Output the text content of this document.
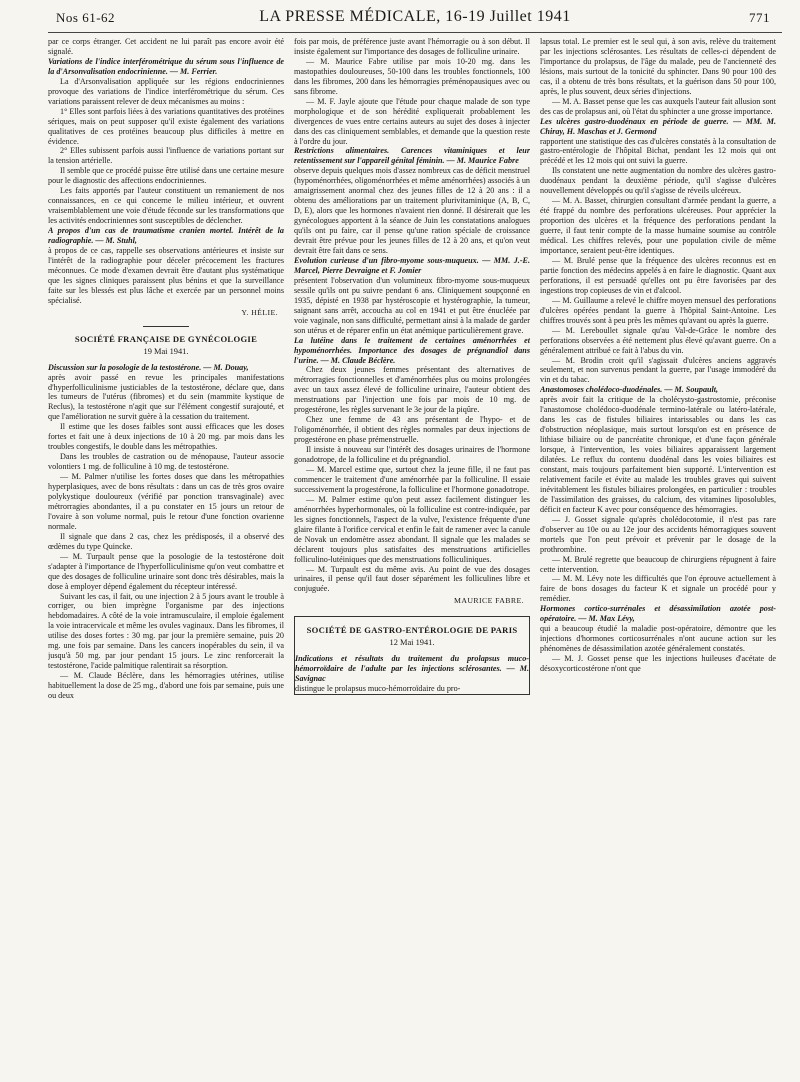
Nos 61-62	LA PRESSE MÉDICALE, 16-19 Juillet 1941	771

par ce corps étranger. Cet accident ne lui paraît pas encore avoir été signalé.

Variations de l'indice interférométrique du sérum sous l'influence de la d'Arsonvalisation endocrinienne. — M. Ferrier.

La d'Arsonvalisation appliquée sur les régions endocriniennes provoque des variations de l'indice interférométrique du sérum. Ces variations paraissent relever de deux mécanismes au moins :

1° Elles sont parfois liées à des variations quantitatives des protéines sériques, mais on peut supposer qu'il existe également des variations qualitatives de ces protéines beaucoup plus difficiles à mettre en évidence.

2° Elles subissent parfois aussi l'influence de variations portant sur la tension artérielle.

Il semble que ce procédé puisse être utilisé dans une certaine mesure pour le diagnostic des affections endocriniennes.

Les faits apportés par l'auteur constituent un remaniement de nos connaissances, en ce qui concerne le milieu intérieur, et ouvrent vraisemblablement une voie d'étude féconde sur les transformations que les activités endocriniennes sont susceptibles de déclencher.

A propos d'un cas de traumatisme cranien mortel. Intérêt de la radiographie. — M. Stuhl,

à propos de ce cas, rappelle ses observations antérieures et insiste sur l'intérêt de la radiographie pour déceler précocement les fractures méconnues. Ce mode d'examen devrait être d'autant plus systématique que les signes cliniques paraissent plus bénins et que la surveillance faite sur les blessés est plus lâche et exercée par un personnel moins spécialisé.

Y. HÉLIE.
SOCIÉTÉ FRANÇAISE DE GYNÉCOLOGIE
19 Mai 1941.

Discussion sur la posologie de la testostérone. — M. Douay,

après avoir passé en revue les principales manifestations d'hyperfolliculinisme justiciables de la testostérone, déclare que, dans les tumeurs de l'utérus (fibromes) et du sein (mammite kystique de Reclus), la testostérone n'agit que sur l'élément congestif surajouté, et que l'amélioration ne survit guère à la cessation du traitement.

Il estime que les doses faibles sont aussi efficaces que les doses fortes et fait une à deux injections de 10 à 20 mg. par mois dans les troubles congestifs, le double dans les métropathies.

Dans les troubles de castration ou de ménopause, l'auteur associe volontiers 1 mg. de folliculine à 10 mg. de testostérone.

— M. Palmer n'utilise les fortes doses que dans les métropathies hyperplasiques, avec de bons résultats : dans un cas de très gros ovaire polykystique douloureux (vérifié par ponction transvaginale) avec métrorragies abondantes, il a pu constater en 15 jours un retour de l'ovaire à son volume normal, puis le retour d'une fonction ovarienne normale.

Il signale que dans 2 cas, chez les prédisposés, il a observé des œdèmes du type Quincke.

— M. Turpault pense que la posologie de la testostérone doit s'adapter à l'importance de l'hyperfolliculinisme qu'on veut combattre et que des dosages de folliculine urinaire sont donc très désirables, mais la dose à employer dépend également du récepteur intéressé.

Suivant les cas, il fait, ou une injection 2 à 5 jours avant le trouble à corriger, ou bien imprègne l'organisme par des injections hebdomadaires. A côté de la voie intramusculaire, il emploie également la voie intracervicale et même les ovules vaginaux. Dans les fibromes, il utilise des doses fortes : 30 mg. par jour la première semaine, puis 20 mg. une fois par semaine. Dans les cancers inopérables du sein, il va jusqu'à 50 mg. par jour pendant 15 jours. Le zinc renforcerait la testostérone, l'acide palmitique ralentirait sa résorption.

— M. Claude Béclère, dans les hémorragies utérines, utilise habituellement la dose de 25 mg., d'abord une fois par semaine, puis une ou deux

fois par mois, de préférence juste avant l'hémorragie ou à son début. Il insiste également sur l'importance des dosages de folliculine urinaire.

— M. Maurice Fabre utilise par mois 10-20 mg. dans les mastopathies douloureuses, 50-100 dans les troubles fonctionnels, 100 dans les fibromes, 200 dans les hémorragies préménopausiques avec ou sans fibrome.

— M. F. Jayle ajoute que l'étude pour chaque malade de son type morphologique et de son hérédité expliquerait probablement les divergences de vues entre certains auteurs au sujet des doses à injecter dans des cas cliniquement semblables, et demande que la question reste à l'ordre du jour.

Restrictions alimentaires. Carences vitaminiques et leur retentissement sur l'appareil génital féminin. — M. Maurice Fabre

observe depuis quelques mois d'assez nombreux cas de déficit menstruel (hypoménorrhées, oligoménorrhées et même aménorrhées) associés à un amaigrissement anormal chez des jeunes filles de 12 à 20 ans : il a obtenu des améliorations par un traitement plurivitaminique (A, B, C, D, E), alors que les hormones n'avaient rien donné. Il désirerait que les gynécologues apportent à la séance de Juin les constatations analogues qu'ils ont pu faire, car il pense qu'une ration spéciale de croissance devrait être prévue pour les jeunes filles de 12 à 20 ans, et qu'on veut devrait être fait dans ce sens.

Evolution curieuse d'un fibro-myome sous-muqueux. — MM. J.-E. Marcel, Pierre Devraigne et F. Jomier

présentent l'observation d'un volumineux fibro-myome sous-muqueux sessile qu'ils ont pu suivre pendant 6 ans. Cliniquement soupçonné en 1935, dépisté en 1938 par hystéroscopie et hystérographie, la tumeur, saignant sans arrêt, accoucha au col en 1941 et put être énucléée par voie vaginale, non sans difficulté, permettant ainsi à la malade de garder son utérus et de réparer enfin un état anémique particulièrement grave.

La lutéine dans le traitement de certaines aménorrhées et hypoménorrhées. Importance des dosages de prégnandiol dans l'urine. — M. Claude Béclère.

Chez deux jeunes femmes présentant des alternatives de métrorragies fonctionnelles et d'aménorrhées plus ou moins prolongées avec un taux assez élevé de folliculine urinaire, l'auteur obtient des menstruations par l'injection une fois par mois de 10 mg. de progestérone, les règles survenant le 3e jour de la piqûre.

Chez une femme de 43 ans présentant de l'hypo- et de l'oligoménorrhée, il obtient des règles normales par deux injections de progestérone en phase prémenstruelle.

Il insiste à nouveau sur l'intérêt des dosages urinaires de l'hormone gonadotrope, de la folliculine et du prégnandiol.

— M. Marcel estime que, surtout chez la jeune fille, il ne faut pas commencer le traitement d'une aménorrhée par la folliculine. Il essaie successivement la progestérone, la folliculine et l'hormone gonadotrope.

— M. Palmer estime qu'on peut assez facilement distinguer les aménorrhées hyperhormonales, où la folliculine est contre-indiquée, par les signes fonctionnels, l'aspect de la vulve, l'existence fréquente d'une glaire filante à l'orifice cervical et enfin le fait de ramener avec la canule de Novak un endomètre assez abondant. Il signale que les malades se déclarent toujours plus satisfaites des menstruations artificielles folliculino-lutéiniques que des menstruations folliculiniques.

— M. Turpault est du même avis. Au point de vue des dosages urinaires, il pense qu'il faut doser séparément les folliculines libre et conjuguée.

MAURICE FABRE.
SOCIÉTÉ DE GASTRO-ENTÉROLOGIE DE PARIS
12 Mai 1941.

Indications et résultats du traitement du prolapsus muco-hémorroïdaire de l'adulte par les injections sclérosantes. — M. Savignac

distingue le prolapsus muco-hémorroïdaire du pro-

lapsus total. Le premier est le seul qui, à son avis, relève du traitement par les injections sclérosantes. Les résultats de celles-ci dépendent de l'importance du prolapsus, de l'âge du malade, peu de l'ancienneté des lésions, mais surtout de la tonicité du sphincter. Dans 90 pour 100 des cas, il a obtenu de très bons résultats, et la guérison dans 50 pour 100, après, le plus souvent, deux séries d'injections.

— M. A. Basset pense que les cas auxquels l'auteur fait allusion sont des cas de prolapsus ani, où l'état du sphincter a une grosse importance.

Les ulcères gastro-duodénaux en période de guerre. — MM. M. Chiray, H. Maschas et J. Germond

rapportent une statistique des cas d'ulcères constatés à la consultation de gastro-entérologie de l'hôpital Bichat, pendant les 12 mois qui ont précédé et les 12 mois qui ont suivi la guerre.

Ils constatent une nette augmentation du nombre des ulcères gastro-duodénaux pendant la deuxième période, qu'il s'agisse d'ulcères nouvellement développés ou qu'il s'agisse de réveils ulcéreux.

— M. A. Basset, chirurgien consultant d'armée pendant la guerre, a été frappé du nombre des perforations ulcéreuses. Pour apprécier la proportion des ulcères et la fréquence des perforations pendant la guerre, il faut tenir compte de la masse humaine soumise au contrôle médical. Les chiffres relevés, pour une population civile de même importance, seraient peut-être identiques.

— M. Brulé pense que la fréquence des ulcères reconnus est en partie fonction des médecins appelés à en faire le diagnostic. Quant aux perforations, il est persuadé qu'elles ont pu être favorisées par des ingestions trop copieuses de vin et d'alcool.

— M. Guillaume a relevé le chiffre moyen mensuel des perforations d'ulcères opérées pendant la guerre à l'hôpital Saint-Antoine. Les chiffres trouvés sont à peu près les mêmes qu'avant ou après la guerre.

— M. Lereboullet signale qu'au Val-de-Grâce le nombre des perforations observées a été nettement plus élevé qu'avant guerre. On a généralement attribué ce fait à l'abus du vin.

— M. Brodin croit qu'il s'agissait d'ulcères anciens aggravés seulement, et non survenus pendant la guerre, par l'usage immodéré du vin et du tabac.

Anastomoses cholédoco-duodénales. — M. Soupault,

après avoir fait la critique de la cholécysto-gastrostomie, préconise l'anastomose cholédoco-duodénale termino-latérale ou latéro-latérale, dans les cas de fistules biliaires intarissables ou dans les cas d'obstruction néoplasique, mais surtout lorsqu'on est en présence de lithiase biliaire ou de pancréatite chronique, et d'une façon générale lorsque, à l'intervention, les voies biliaires apparaissent largement dilatées. Le reflux du contenu duodénal dans les voies biliaires est constant, mais toujours parfaitement bien supporté. L'intervention est relativement facile et évite au malade les troubles graves qui suivent inévitablement les fistules biliaires prolongées, en particulier : troubles de l'assimilation des graisses, du calcium, des vitamines liposolubles, déficit en facteur K avec pour conséquence des hémorragies.

— J. Gosset signale qu'après cholédocotomie, il n'est pas rare d'observer au 10e ou au 12e jour des accidents hémorragiques souvent mortels que l'on peut prévoir et prévenir par le dosage de la prothrombine.

— M. Brulé regrette que beaucoup de chirurgiens répugnent à faire cette intervention.

— M. M. Lévy note les difficultés que l'on éprouve actuellement à faire de bons dosages du facteur K et signale un procédé pour y remédier.

Hormones cortico-surrénales et désassimilation azotée post-opératoire. — M. Max Lévy,

qui a beaucoup étudié la maladie post-opératoire, démontre que les injections d'hormones corticosurrénales n'ont aucune action sur les phénomènes de désassimilation azotée généralement constatés.

— M. J. Gosset pense que les injections huileuses d'acétate de désoxycorticostérone n'ont que
